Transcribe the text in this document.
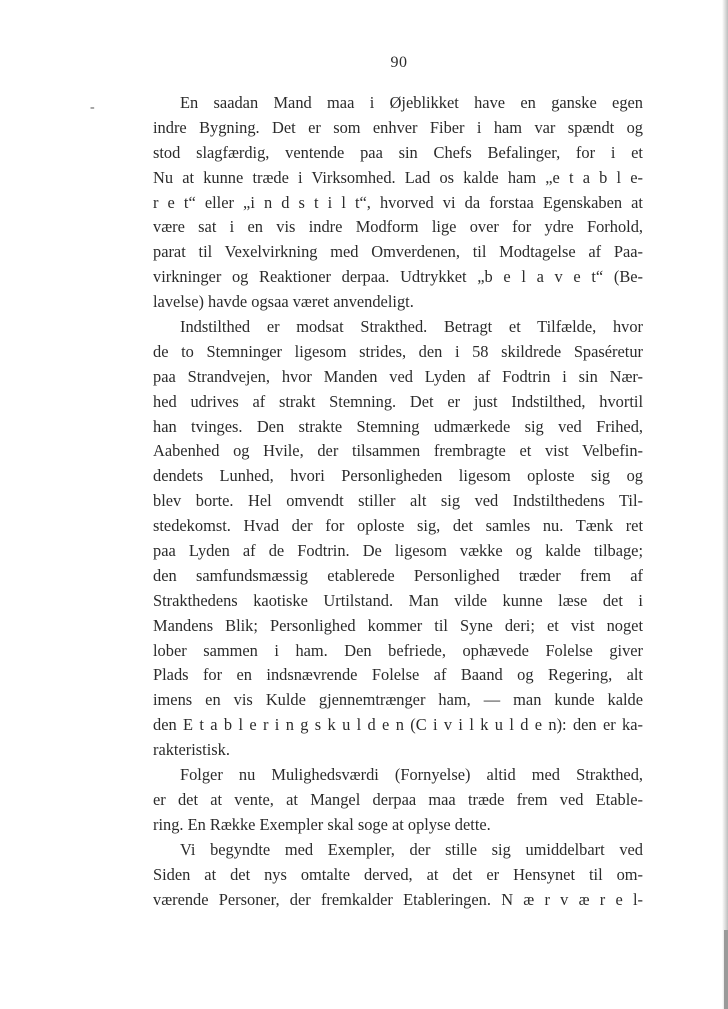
90
-	En saadan Mand maa i Øjeblikket have en ganske egen
indre Bygning. Det er som enhver Fiber i ham var spændt og
stod slagfærdig, ventende paa sin Chefs Befalinger, for i et
Nu at kunne træde i Virksomhed. Lad os kalde ham „e t a b l e-
r e t“ eller „i n d s t i l t“, hvorved vi da forstaa Egenskaben at
være sat i en vis indre Modform lige over for ydre Forhold,
parat til Vexelvirkning med Omverdenen, til Modtagelse af Paa-
virkninger og Reaktioner derpaa. Udtrykket „b e l a v e t“ (Be-
lavelse) havde ogsaa været anvendeligt.
Indstilthed er modsat Strakthed. Betragt et Tilfælde, hvor
de to Stemninger ligesom strides, den i 58 skildrede Spaséretur
paa Strandvejen, hvor Manden ved Lyden af Fodtrin i sin Nær-
hed udrives af strakt Stemning. Det er just Indstilthed, hvortil
han tvinges. Den strakte Stemning udmærkede sig ved Frihed,
Aabenhed og Hvile, der tilsammen frembragte et vist Velbefin-
dendets Lunhed, hvori Personligheden ligesom oploste sig og
blev borte. Hel omvendt stiller alt sig ved Indstilthedens Til-
stedekomst. Hvad der for oploste sig, det samles nu. Tænk ret
paa Lyden af de Fodtrin. De ligesom vække og kalde tilbage;
den samfundsmæssig etablerede Personlighed træder frem af
Strakthedens kaotiske Urtilstand. Man vilde kunne læse det i
Mandens Blik; Personlighed kommer til Syne deri; et vist noget
lober sammen i ham. Den befriede, ophævede Folelse giver
Plads for en indsnævrende Folelse af Baand og Regering, alt
imens en vis Kulde gjennemtrænger ham, — man kunde kalde
den E t a b l e r i n g s k u l d e n (C i v i l k u l d e n): den er ka-
rakteristisk.
Folger nu Mulighedsværdi (Fornyelse) altid med Strakthed,
er det at vente, at Mangel derpaa maa træde frem ved Etable-
ring. En Række Exempler skal soge at oplyse dette.
Vi begyndte med Exempler, der stille sig umiddelbart ved
Siden at det nys omtalte derved, at det er Hensynet til om-
værende Personer, der fremkalder Etableringen. N æ r v æ r e l-
